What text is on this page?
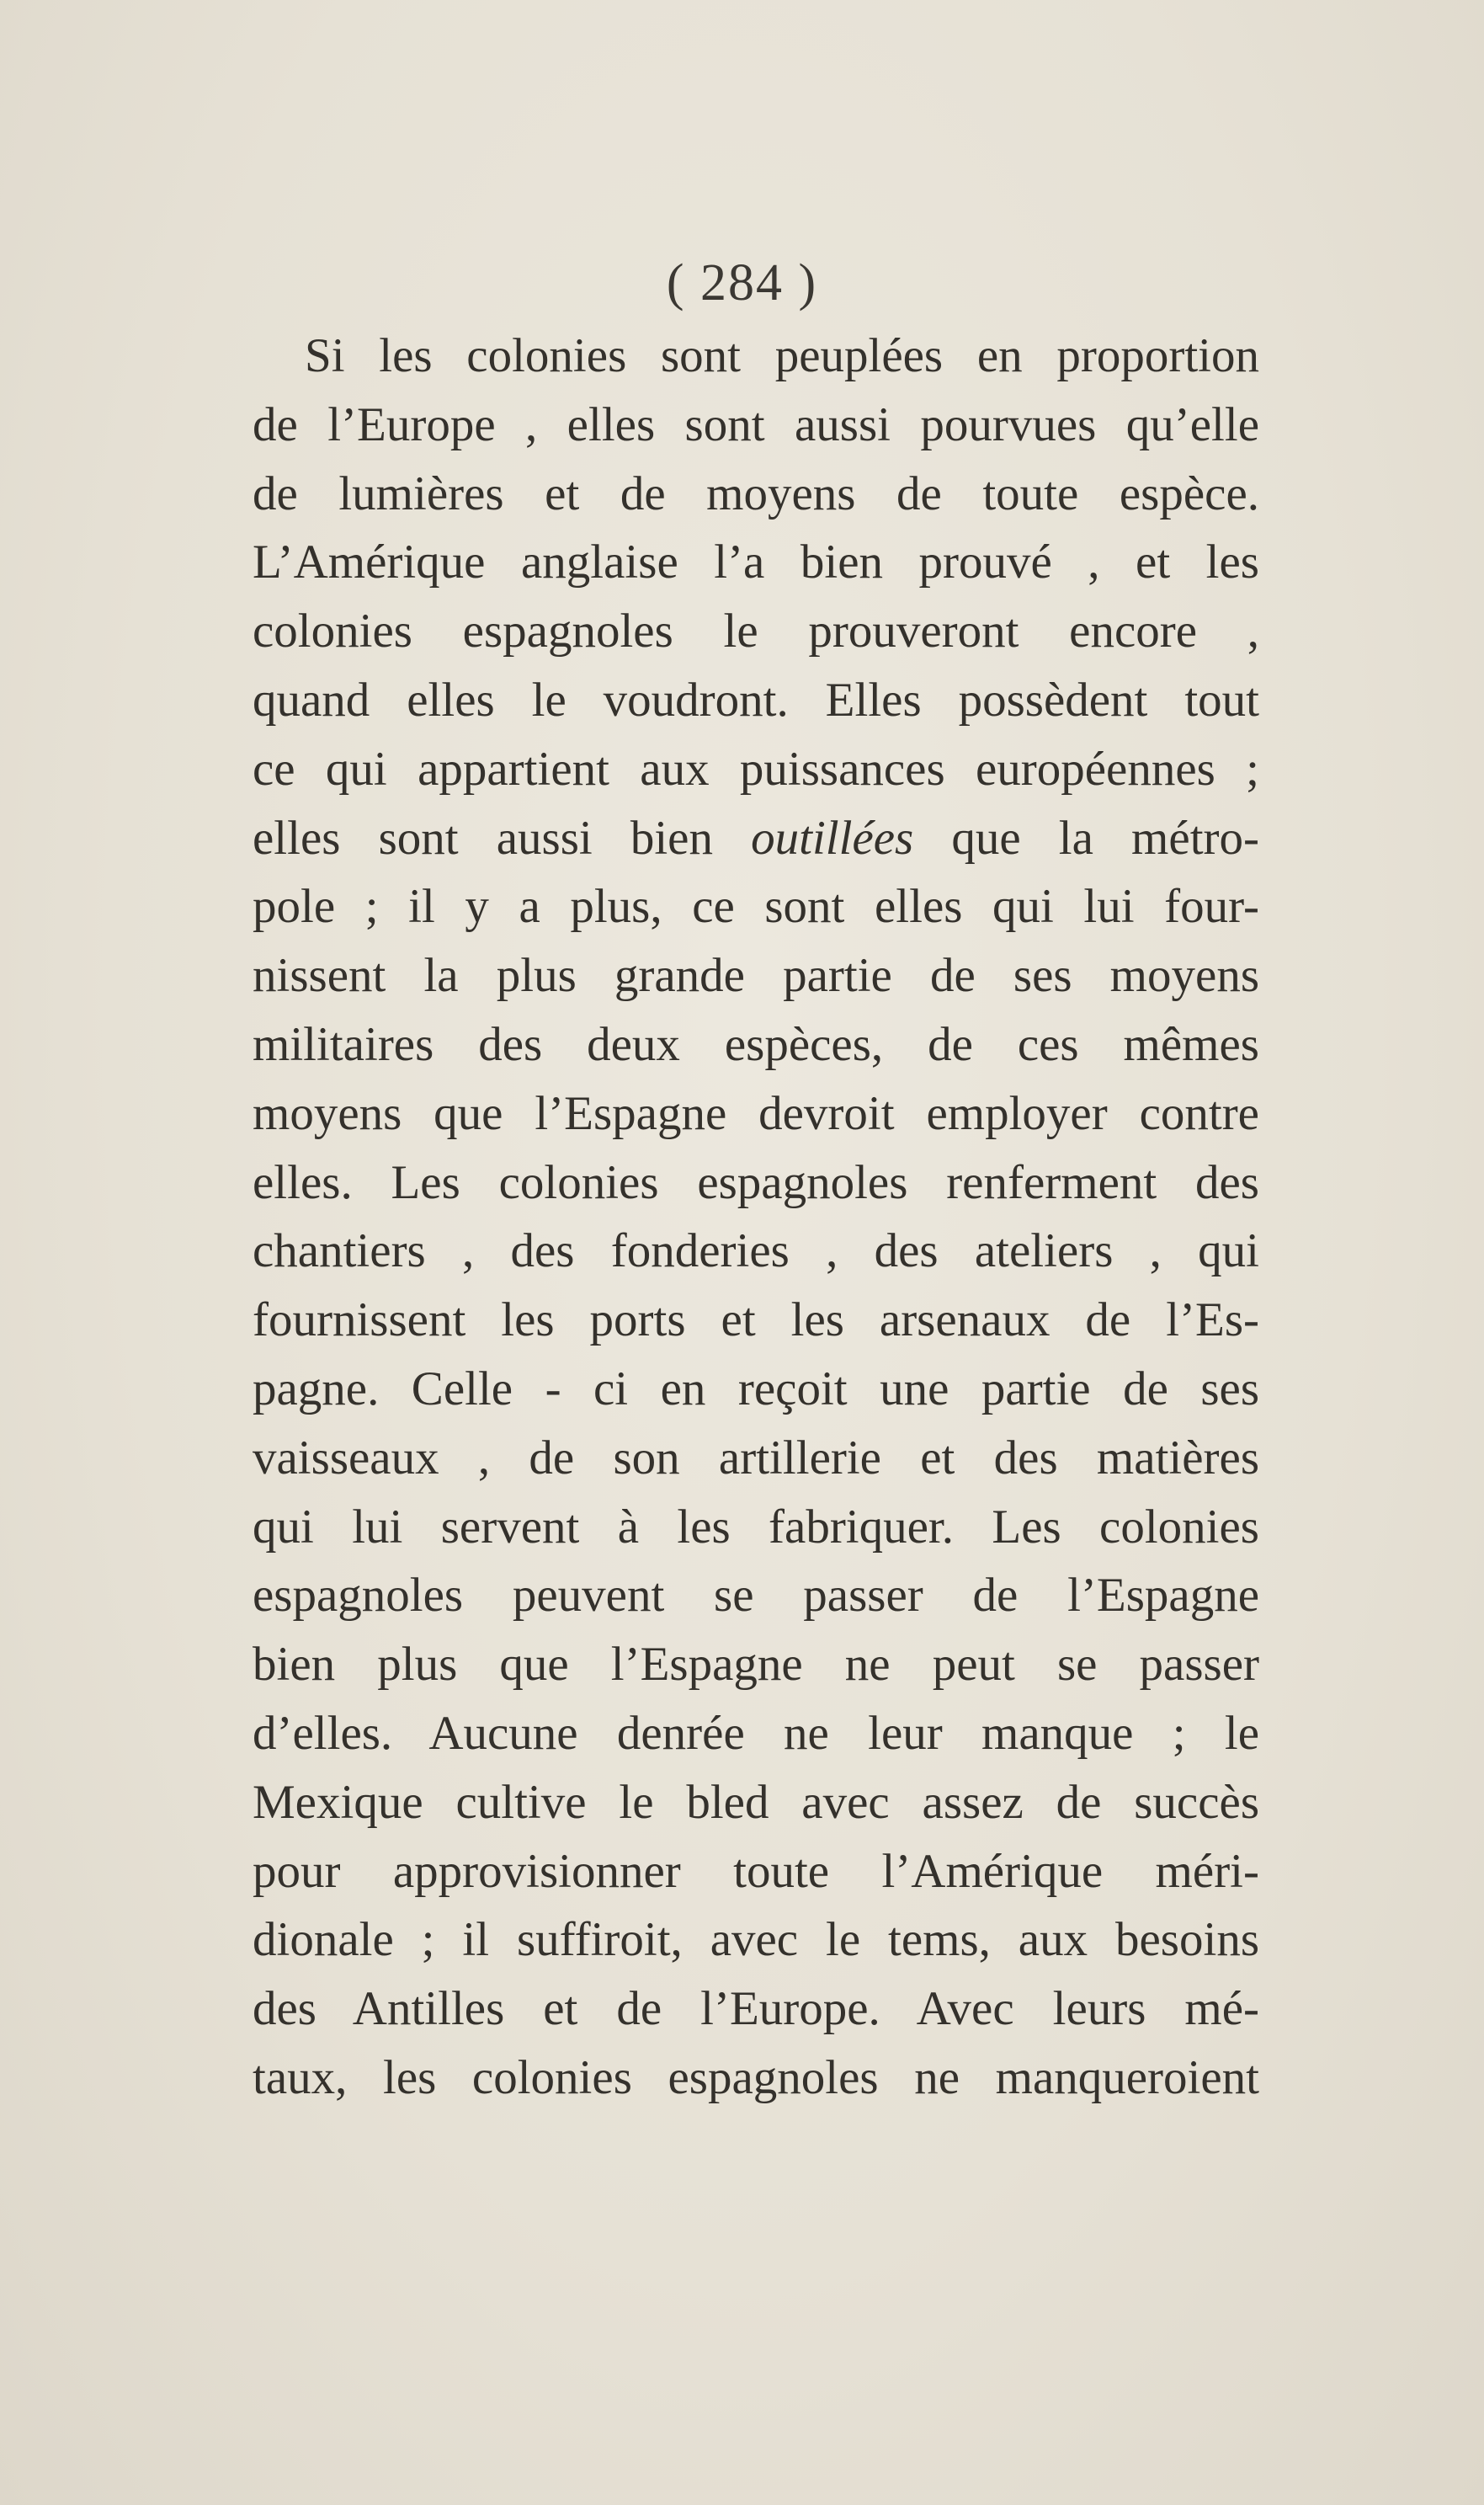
( 284 )
Si les colonies sont peuplées en proportion
de l’Europe , elles sont aussi pourvues qu’elle
de lumières et de moyens de toute espèce.
L’Amérique anglaise l’a bien prouvé , et les
colonies espagnoles le prouveront encore ,
quand elles le voudront. Elles possèdent tout
ce qui appartient aux puissances européennes ;
elles sont aussi bien outillées que la métro-
pole ; il y a plus, ce sont elles qui lui four-
nissent la plus grande partie de ses moyens
militaires des deux espèces, de ces mêmes
moyens que l’Espagne devroit employer contre
elles. Les colonies espagnoles renferment des
chantiers , des fonderies , des ateliers , qui
fournissent les ports et les arsenaux de l’Es-
pagne. Celle - ci en reçoit une partie de ses
vaisseaux , de son artillerie et des matières
qui lui servent à les fabriquer. Les colonies
espagnoles peuvent se passer de l’Espagne
bien plus que l’Espagne ne peut se passer
d’elles. Aucune denrée ne leur manque ; le
Mexique cultive le bled avec assez de succès
pour approvisionner toute l’Amérique méri-
dionale ; il suffiroit, avec le tems, aux besoins
des Antilles et de l’Europe. Avec leurs mé-
taux, les colonies espagnoles ne manqueroient
